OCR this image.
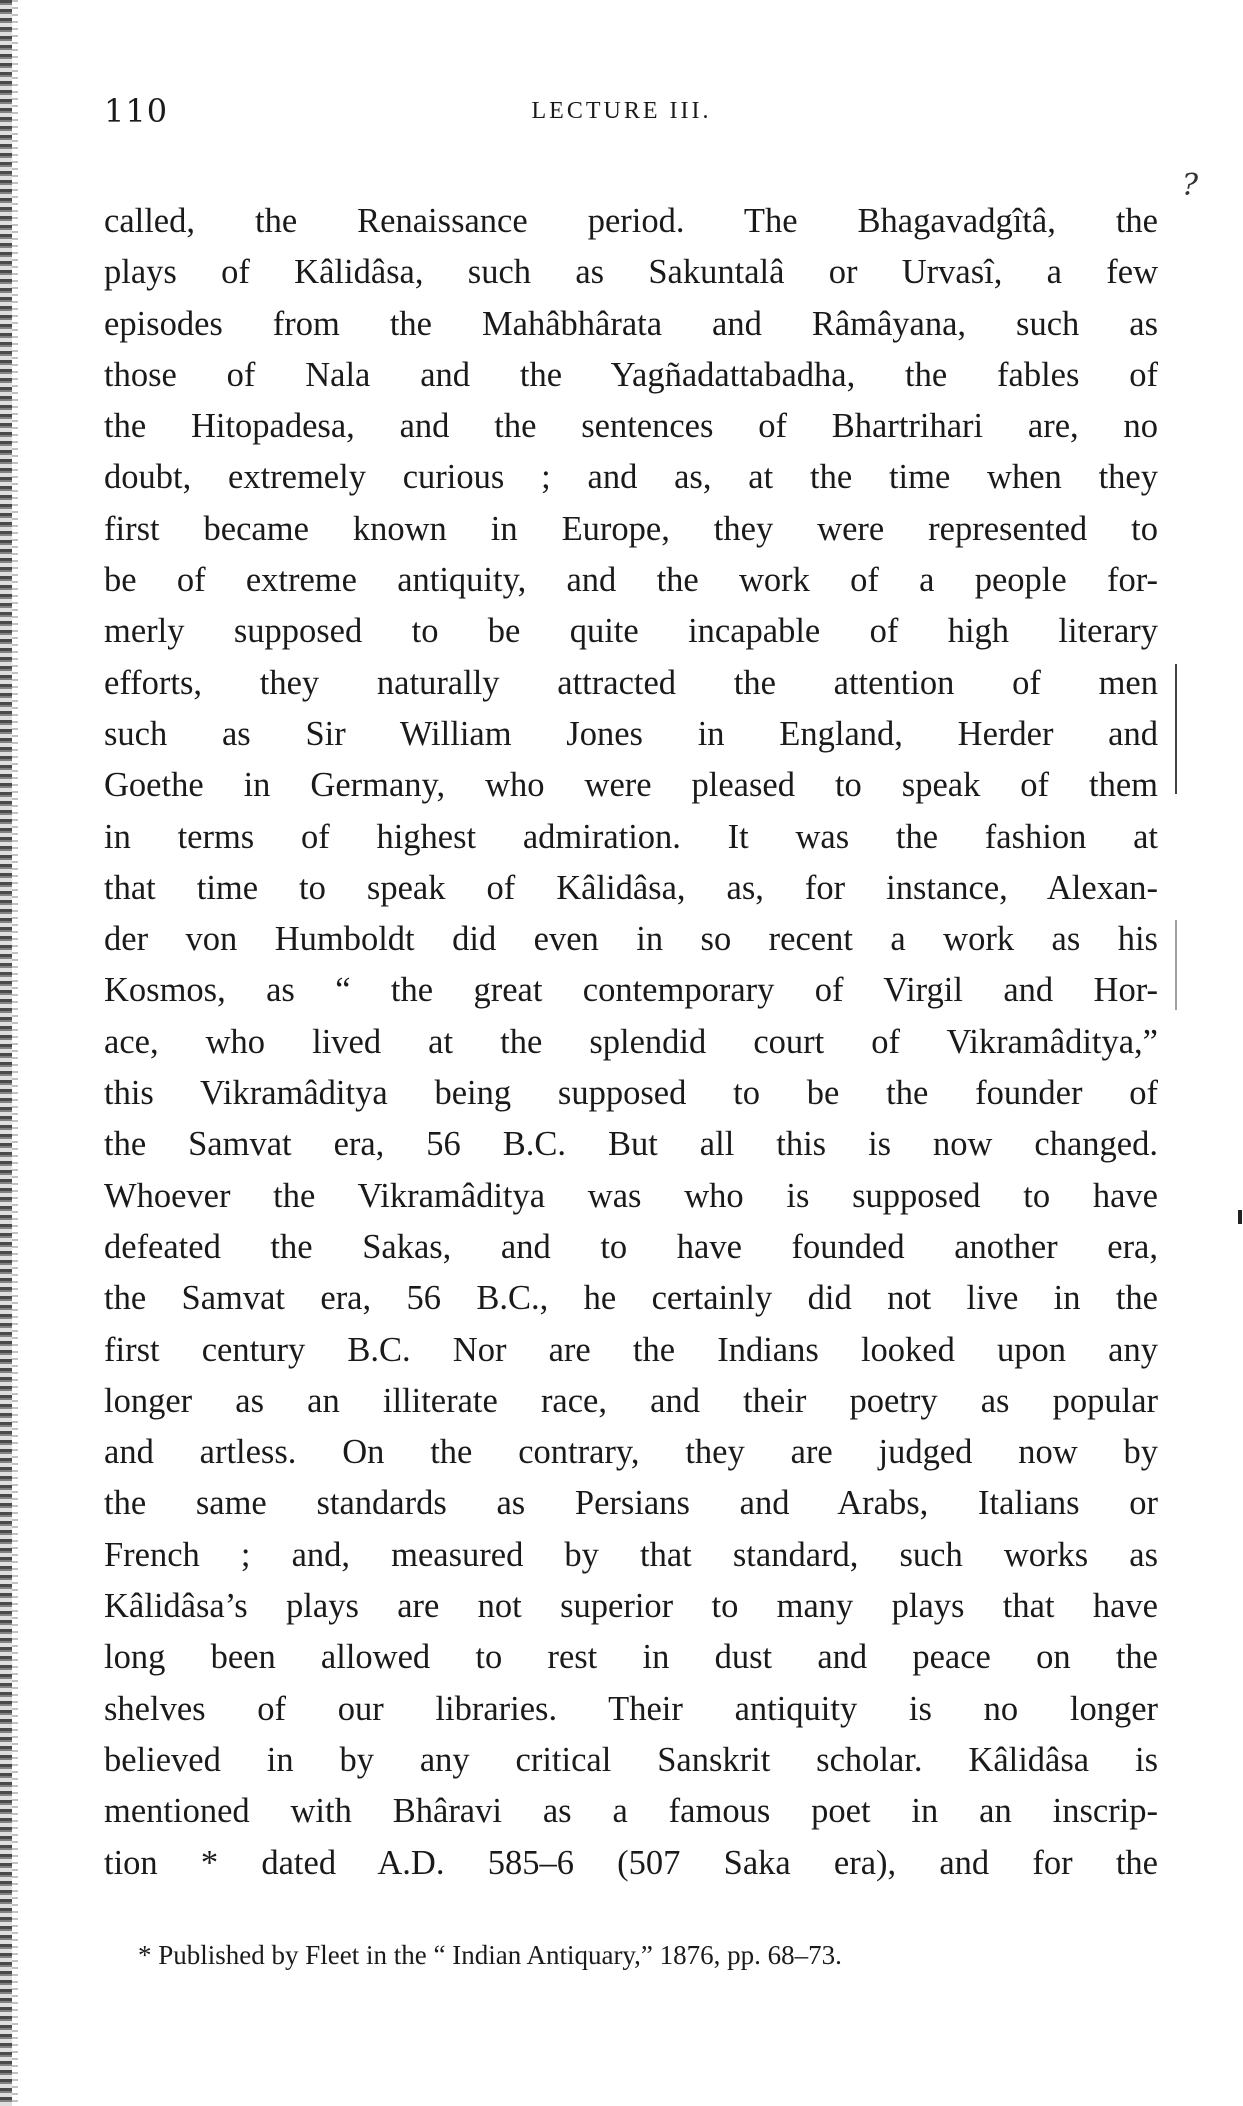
110	LECTURE III.
?
called, the Renaissance period. The Bhagavadgîtâ, the
plays of Kâlidâsa, such as Sakuntalâ or Urvasî, a few
episodes from the Mahâbhârata and Râmâyana, such as
those of Nala and the Yagñadattabadha, the fables of
the Hitopadesa, and the sentences of Bhartrihari are, no
doubt, extremely curious ; and as, at the time when they
first became known in Europe, they were represented to
be of extreme antiquity, and the work of a people for-
merly supposed to be quite incapable of high literary
efforts, they naturally attracted the attention of men
such as Sir William Jones in England, Herder and
Goethe in Germany, who were pleased to speak of them
in terms of highest admiration. It was the fashion at
that time to speak of Kâlidâsa, as, for instance, Alexan-
der von Humboldt did even in so recent a work as his
Kosmos, as “ the great contemporary of Virgil and Hor-
ace, who lived at the splendid court of Vikramâditya,”
this Vikramâditya being supposed to be the founder of
the Samvat era, 56 B.C. But all this is now changed.
Whoever the Vikramâditya was who is supposed to have
defeated the Sakas, and to have founded another era,
the Samvat era, 56 B.C., he certainly did not live in the
first century B.C. Nor are the Indians looked upon any
longer as an illiterate race, and their poetry as popular
and artless. On the contrary, they are judged now by
the same standards as Persians and Arabs, Italians or
French ; and, measured by that standard, such works as
Kâlidâsa’s plays are not superior to many plays that have
long been allowed to rest in dust and peace on the
shelves of our libraries. Their antiquity is no longer
believed in by any critical Sanskrit scholar. Kâlidâsa is
mentioned with Bhâravi as a famous poet in an inscrip-
tion * dated A.D. 585–6 (507 Saka era), and for the
* Published by Fleet in the “ Indian Antiquary,” 1876, pp. 68–73.
